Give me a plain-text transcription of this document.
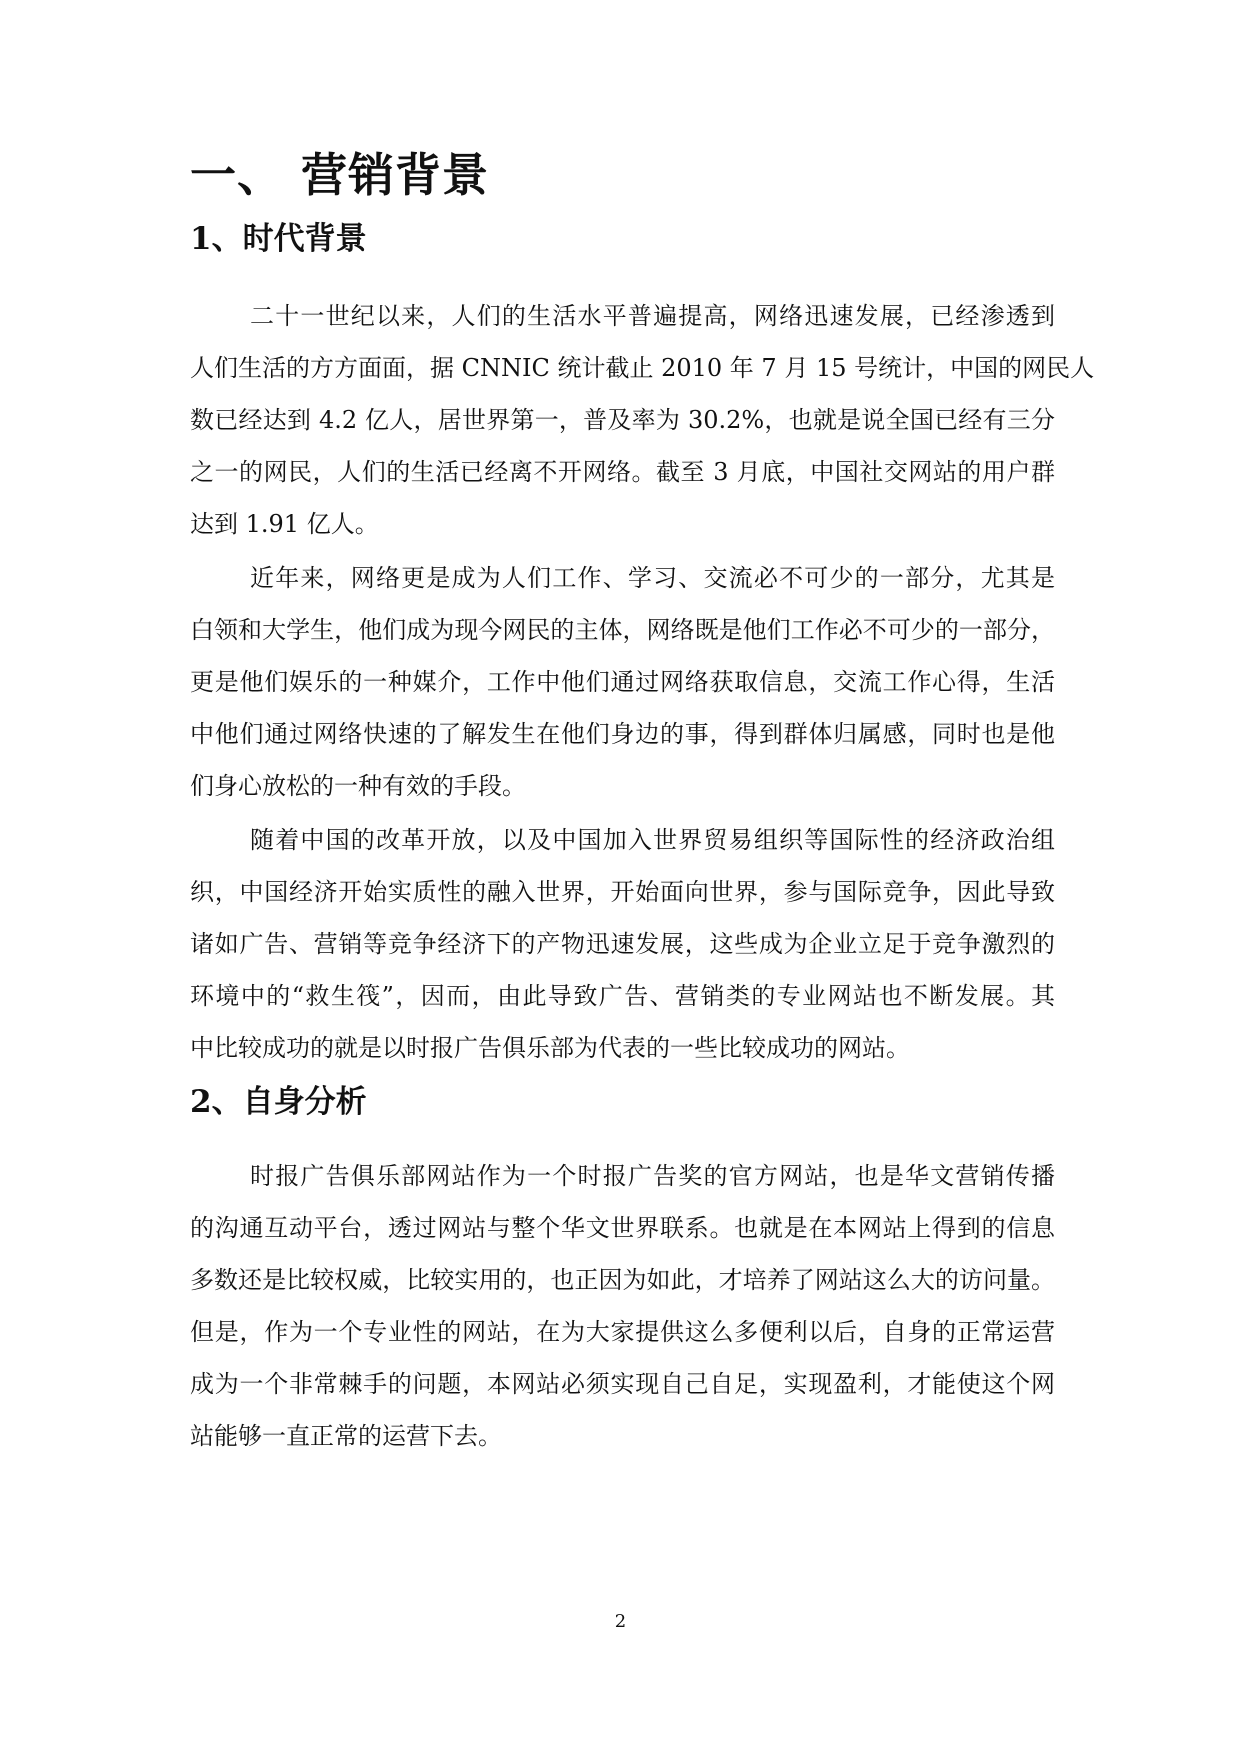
一、 营销背景
1、时代背景
二十一世纪以来，人们的生活水平普遍提高，网络迅速发展，已经渗透到
人们生活的方方面面，据 CNNIC 统计截止 2010 年 7 月 15 号统计，中国的网民人
数已经达到 4.2 亿人，居世界第一，普及率为 30.2%，也就是说全国已经有三分
之一的网民，人们的生活已经离不开网络。截至 3 月底，中国社交网站的用户群
达到 1.91 亿人。
近年来，网络更是成为人们工作、学习、交流必不可少的一部分，尤其是
白领和大学生，他们成为现今网民的主体，网络既是他们工作必不可少的一部分，
更是他们娱乐的一种媒介，工作中他们通过网络获取信息，交流工作心得，生活
中他们通过网络快速的了解发生在他们身边的事，得到群体归属感，同时也是他
们身心放松的一种有效的手段。
随着中国的改革开放，以及中国加入世界贸易组织等国际性的经济政治组
织，中国经济开始实质性的融入世界，开始面向世界，参与国际竞争，因此导致
诸如广告、营销等竞争经济下的产物迅速发展，这些成为企业立足于竞争激烈的
环境中的“救生筏”，因而，由此导致广告、营销类的专业网站也不断发展。其
中比较成功的就是以时报广告俱乐部为代表的一些比较成功的网站。
2、自身分析
时报广告俱乐部网站作为一个时报广告奖的官方网站，也是华文营销传播
的沟通互动平台，透过网站与整个华文世界联系。也就是在本网站上得到的信息
多数还是比较权威，比较实用的，也正因为如此，才培养了网站这么大的访问量。
但是，作为一个专业性的网站，在为大家提供这么多便利以后，自身的正常运营
成为一个非常棘手的问题，本网站必须实现自己自足，实现盈利，才能使这个网
站能够一直正常的运营下去。
2
